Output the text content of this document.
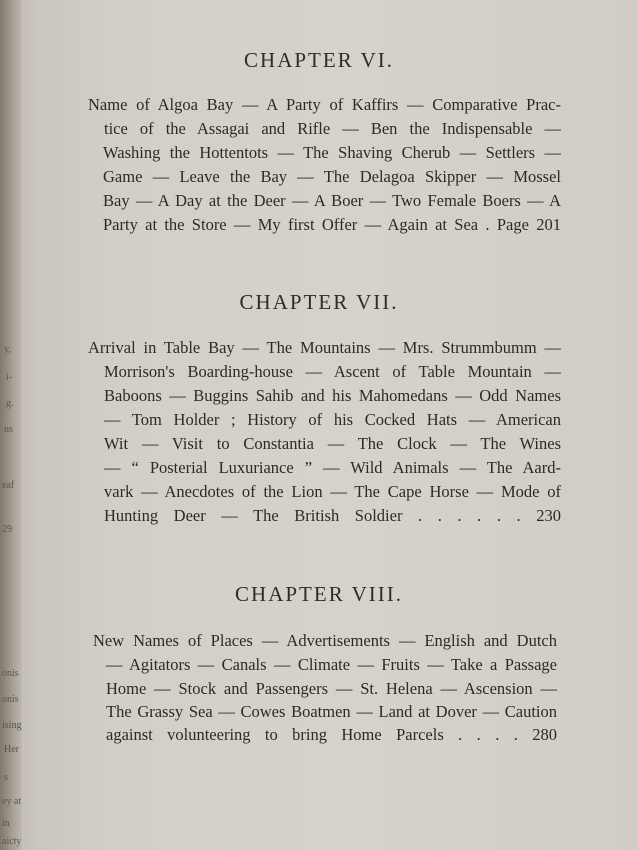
y,
i-
g.
ns
eaf
29
onis
onis
ising
Her
s
ey at
in
aicty
CHAPTER VI.
Name of Algoa Bay — A Party of Kaffirs — Comparative Prac-
tice of the Assagai and Rifle — Ben the Indispensable —
Washing the Hottentots — The Shaving Cherub — Settlers —
Game — Leave the Bay — The Delagoa Skipper — Mossel
Bay — A Day at the Deer — A Boer — Two Female Boers — A
Party at the Store — My first Offer — Again at Sea . Page 201
CHAPTER VII.
Arrival in Table Bay — The Mountains — Mrs. Strummbumm —
Morrison's Boarding-house — Ascent of Table Mountain —
Baboons — Buggins Sahib and his Mahomedans — Odd Names
— Tom Holder ; History of his Cocked Hats — American
Wit — Visit to Constantia — The Clock — The Wines
— “ Posterial Luxuriance ” — Wild Animals — The Aard-
vark — Anecdotes of the Lion — The Cape Horse — Mode of
Hunting Deer — The British Soldier . . . . . . 230
CHAPTER VIII.
New Names of Places — Advertisements — English and Dutch
— Agitators — Canals — Climate — Fruits — Take a Passage
Home — Stock and Passengers — St. Helena — Ascension —
The Grassy Sea — Cowes Boatmen — Land at Dover — Caution
against volunteering to bring Home Parcels . . . . 280
